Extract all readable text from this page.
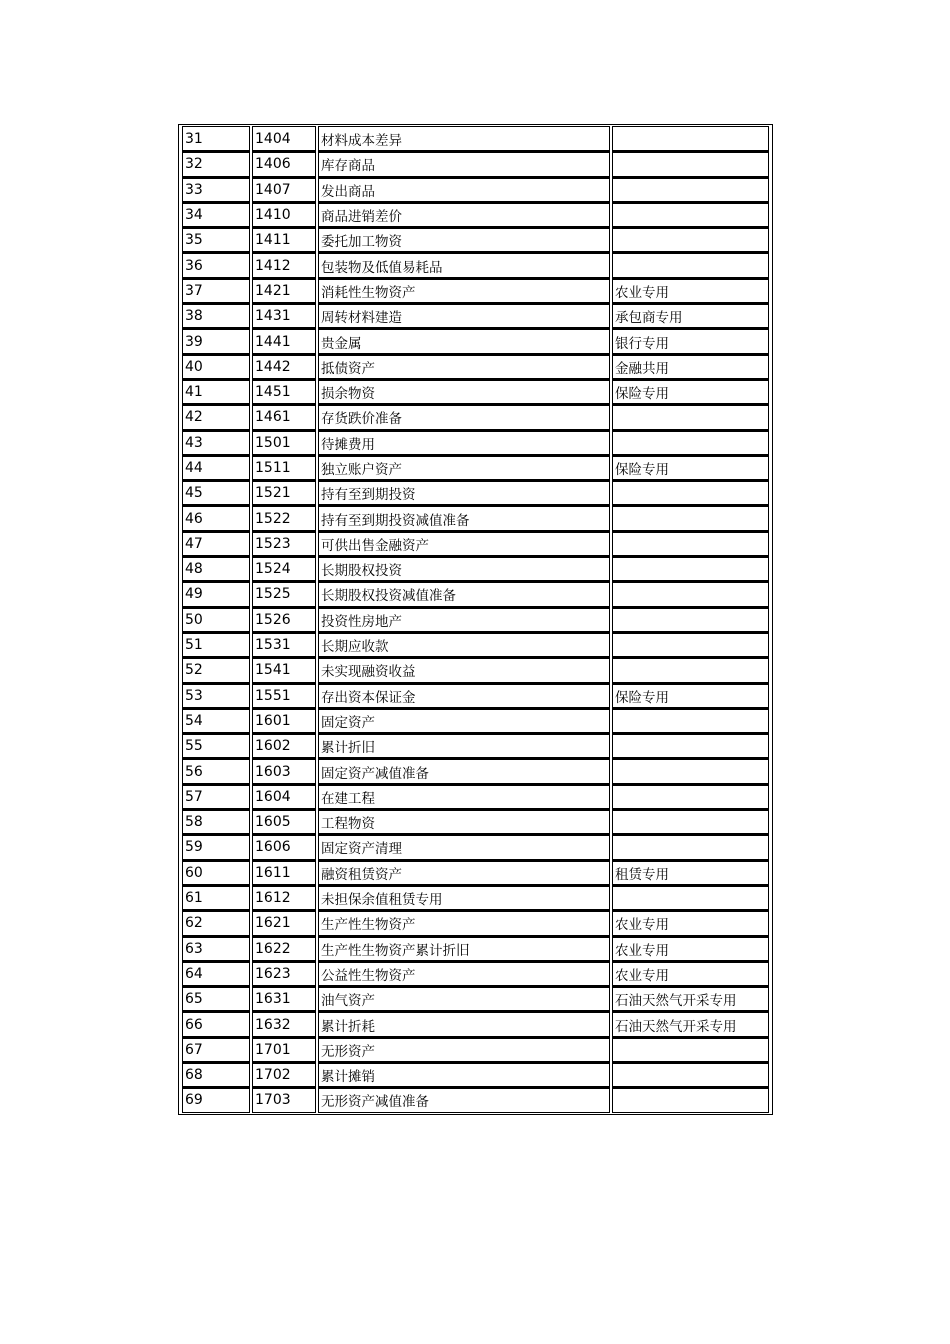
31	1404	材料成本差异	
32	1406	库存商品	
33	1407	发出商品	
34	1410	商品进销差价	
35	1411	委托加工物资	
36	1412	包装物及低值易耗品	
37	1421	消耗性生物资产	农业专用
38	1431	周转材料建造	承包商专用
39	1441	贵金属	银行专用
40	1442	抵债资产	金融共用
41	1451	损余物资	保险专用
42	1461	存货跌价准备	
43	1501	待摊费用	
44	1511	独立账户资产	保险专用
45	1521	持有至到期投资	
46	1522	持有至到期投资减值准备	
47	1523	可供出售金融资产	
48	1524	长期股权投资	
49	1525	长期股权投资减值准备	
50	1526	投资性房地产	
51	1531	长期应收款	
52	1541	未实现融资收益	
53	1551	存出资本保证金	保险专用
54	1601	固定资产	
55	1602	累计折旧	
56	1603	固定资产减值准备	
57	1604	在建工程	
58	1605	工程物资	
59	1606	固定资产清理	
60	1611	融资租赁资产	租赁专用
61	1612	未担保余值租赁专用	
62	1621	生产性生物资产	农业专用
63	1622	生产性生物资产累计折旧	农业专用
64	1623	公益性生物资产	农业专用
65	1631	油气资产	石油天然气开采专用
66	1632	累计折耗	石油天然气开采专用
67	1701	无形资产	
68	1702	累计摊销	
69	1703	无形资产减值准备	
